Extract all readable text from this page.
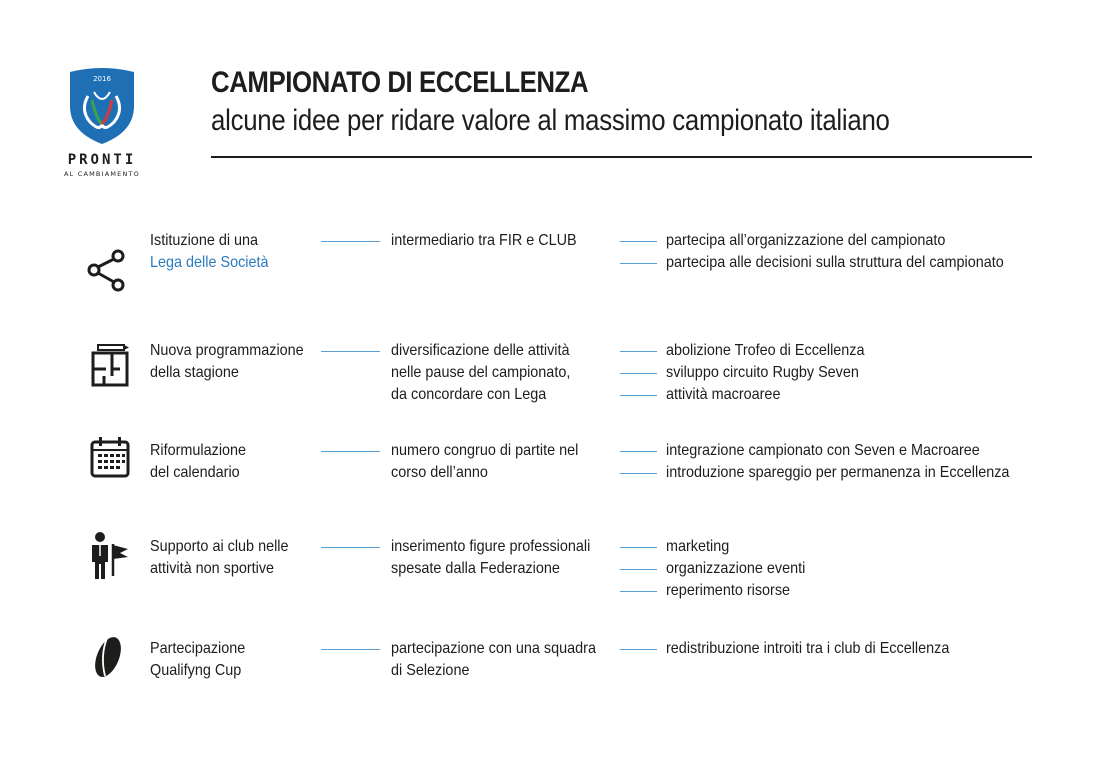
2016
PRONTI
AL CAMBIAMENTO
CAMPIONATO DI ECCELLENZA
alcune idee per ridare valore al massimo campionato italiano
Istituzione di una
Lega delle Società
intermediario tra FIR e CLUB	partecipa all’organizzazione del campionato
partecipa alle decisioni sulla struttura del campionato
Nuova programmazione
della stagione
diversificazione delle attività
nelle pause del campionato,
da concordare con Lega
abolizione Trofeo di Eccellenza
sviluppo circuito Rugby Seven
attività macroaree
Riformulazione
del calendario
numero congruo di partite nel
corso dell’anno
integrazione campionato con Seven e Macroaree
introduzione spareggio per permanenza in Eccellenza
Supporto ai club nelle
attività non sportive
inserimento figure professionali
spesate dalla Federazione
marketing
organizzazione eventi
reperimento risorse
Partecipazione
Qualifyng Cup
partecipazione con una squadra
di Selezione
redistribuzione introiti tra i club di Eccellenza
